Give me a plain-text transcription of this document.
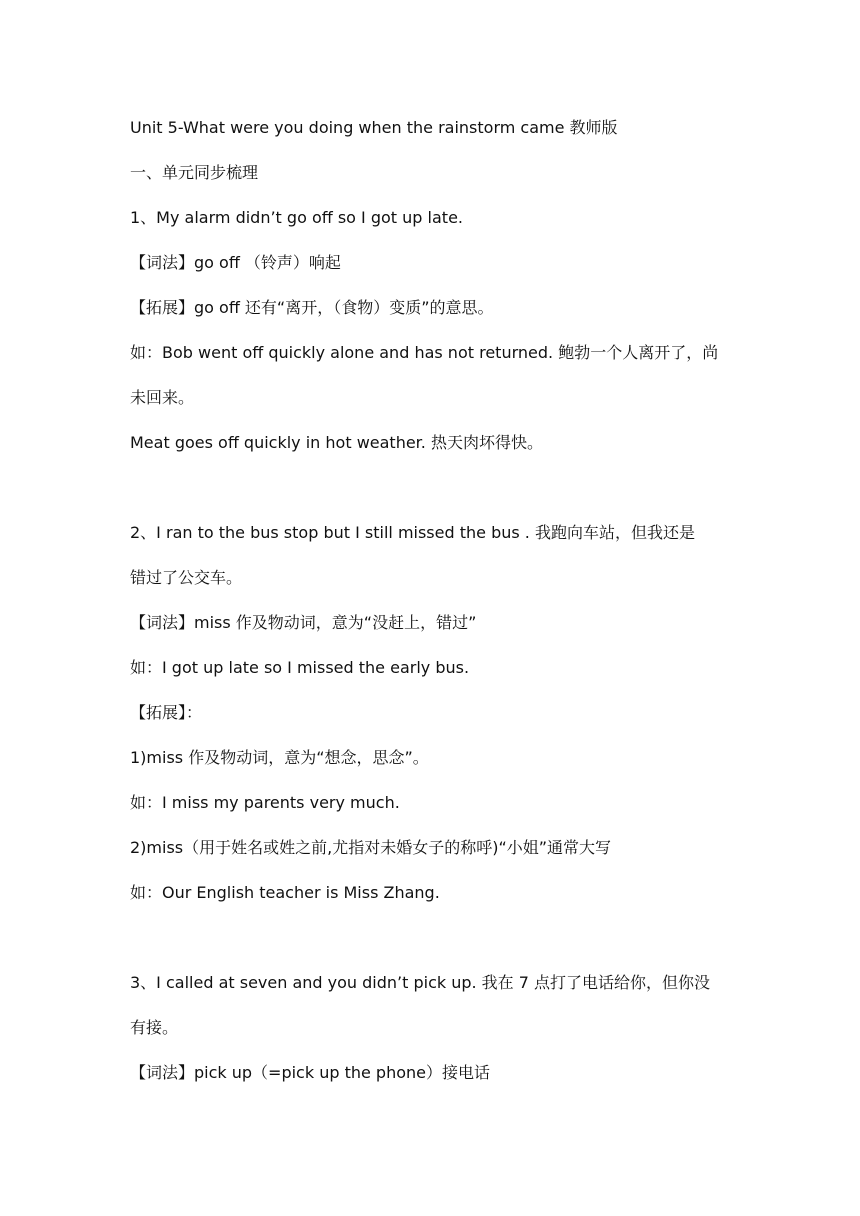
Unit 5-What were you doing when the rainstorm came 教师版
一、单元同步梳理
1、My alarm didn’t go off so I got up late.
【词法】go off （铃声）响起
【拓展】go off 还有“离开，（食物）变质”的意思。
如：Bob went off quickly alone and has not returned. 鲍勃一个人离开了，尚
未回来。
Meat goes off quickly in hot weather. 热天肉坏得快。
2、I ran to the bus stop but I still missed the bus . 我跑向车站，但我还是
错过了公交车。
【词法】miss 作及物动词，意为“没赶上，错过”
如：I got up late so I missed the early bus.
【拓展】：
1)miss 作及物动词，意为“想念，思念”。
如：I miss my parents very much.
2)miss（用于姓名或姓之前,尤指对未婚女子的称呼)“小姐”通常大写
如：Our English teacher is Miss Zhang.
3、I called at seven and you didn’t pick up. 我在 7 点打了电话给你，但你没
有接。
【词法】pick up（=pick up the phone）接电话
